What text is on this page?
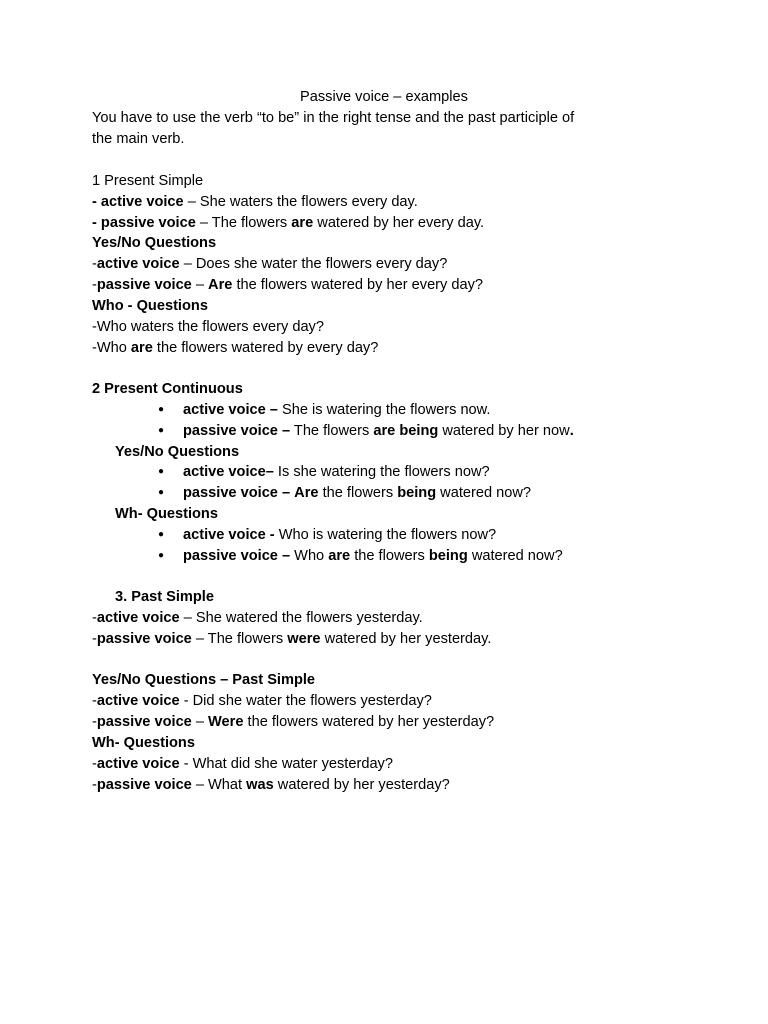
Passive voice – examples
You have to use the verb “to be” in the right tense and the past participle of
the main verb.
1 Present Simple
- active voice – She waters the flowers every day.
- passive voice – The flowers are watered by her every day.
Yes/No Questions
-active voice – Does she water the flowers every day?
-passive voice – Are the flowers watered by her every day?
Who - Questions
-Who waters the flowers every day?
-Who are the flowers watered by every day?
2 Present Continuous
● active voice – She is watering the flowers now.
● passive voice – The flowers are being watered by her now.
Yes/No Questions
● active voice– Is she watering the flowers now?
● passive voice – Are the flowers being watered now?
Wh- Questions
● active voice - Who is watering the flowers now?
● passive voice – Who are the flowers being watered now?
3. Past Simple
-active voice – She watered the flowers yesterday.
-passive voice – The flowers were watered by her yesterday.
Yes/No Questions – Past Simple
-active voice - Did she water the flowers yesterday?
-passive voice – Were the flowers watered by her yesterday?
Wh- Questions
-active voice - What did she water yesterday?
-passive voice – What was watered by her yesterday?
